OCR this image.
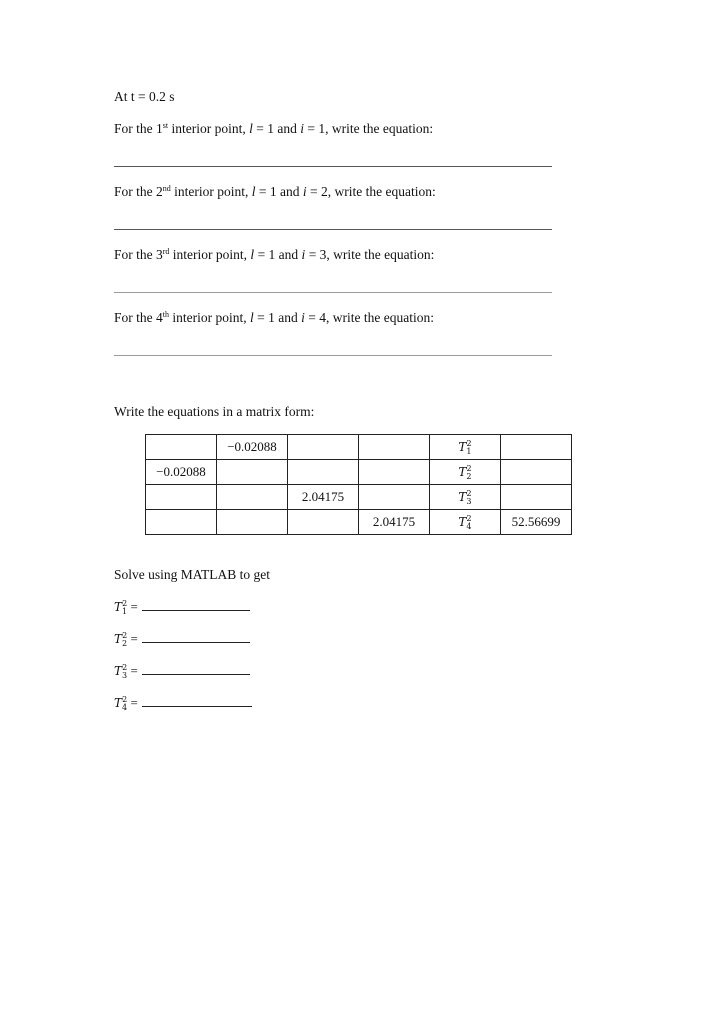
At t = 0.2 s
For the 1st interior point, l = 1 and i = 1, write the equation:
For the 2nd interior point, l = 1 and i = 2, write the equation:
For the 3rd interior point, l = 1 and i = 3, write the equation:
For the 4th interior point, l = 1 and i = 4, write the equation:
Write the equations in a matrix form:
	−0.02088			$T_1^2$	
−0.02088				$T_2^2$	
		2.04175		$T_3^2$	
			2.04175	$T_4^2$	52.56699
Solve using MATLAB to get
$T_1^2$ =
$T_2^2$ =
$T_3^2$ =
$T_4^2$ =
